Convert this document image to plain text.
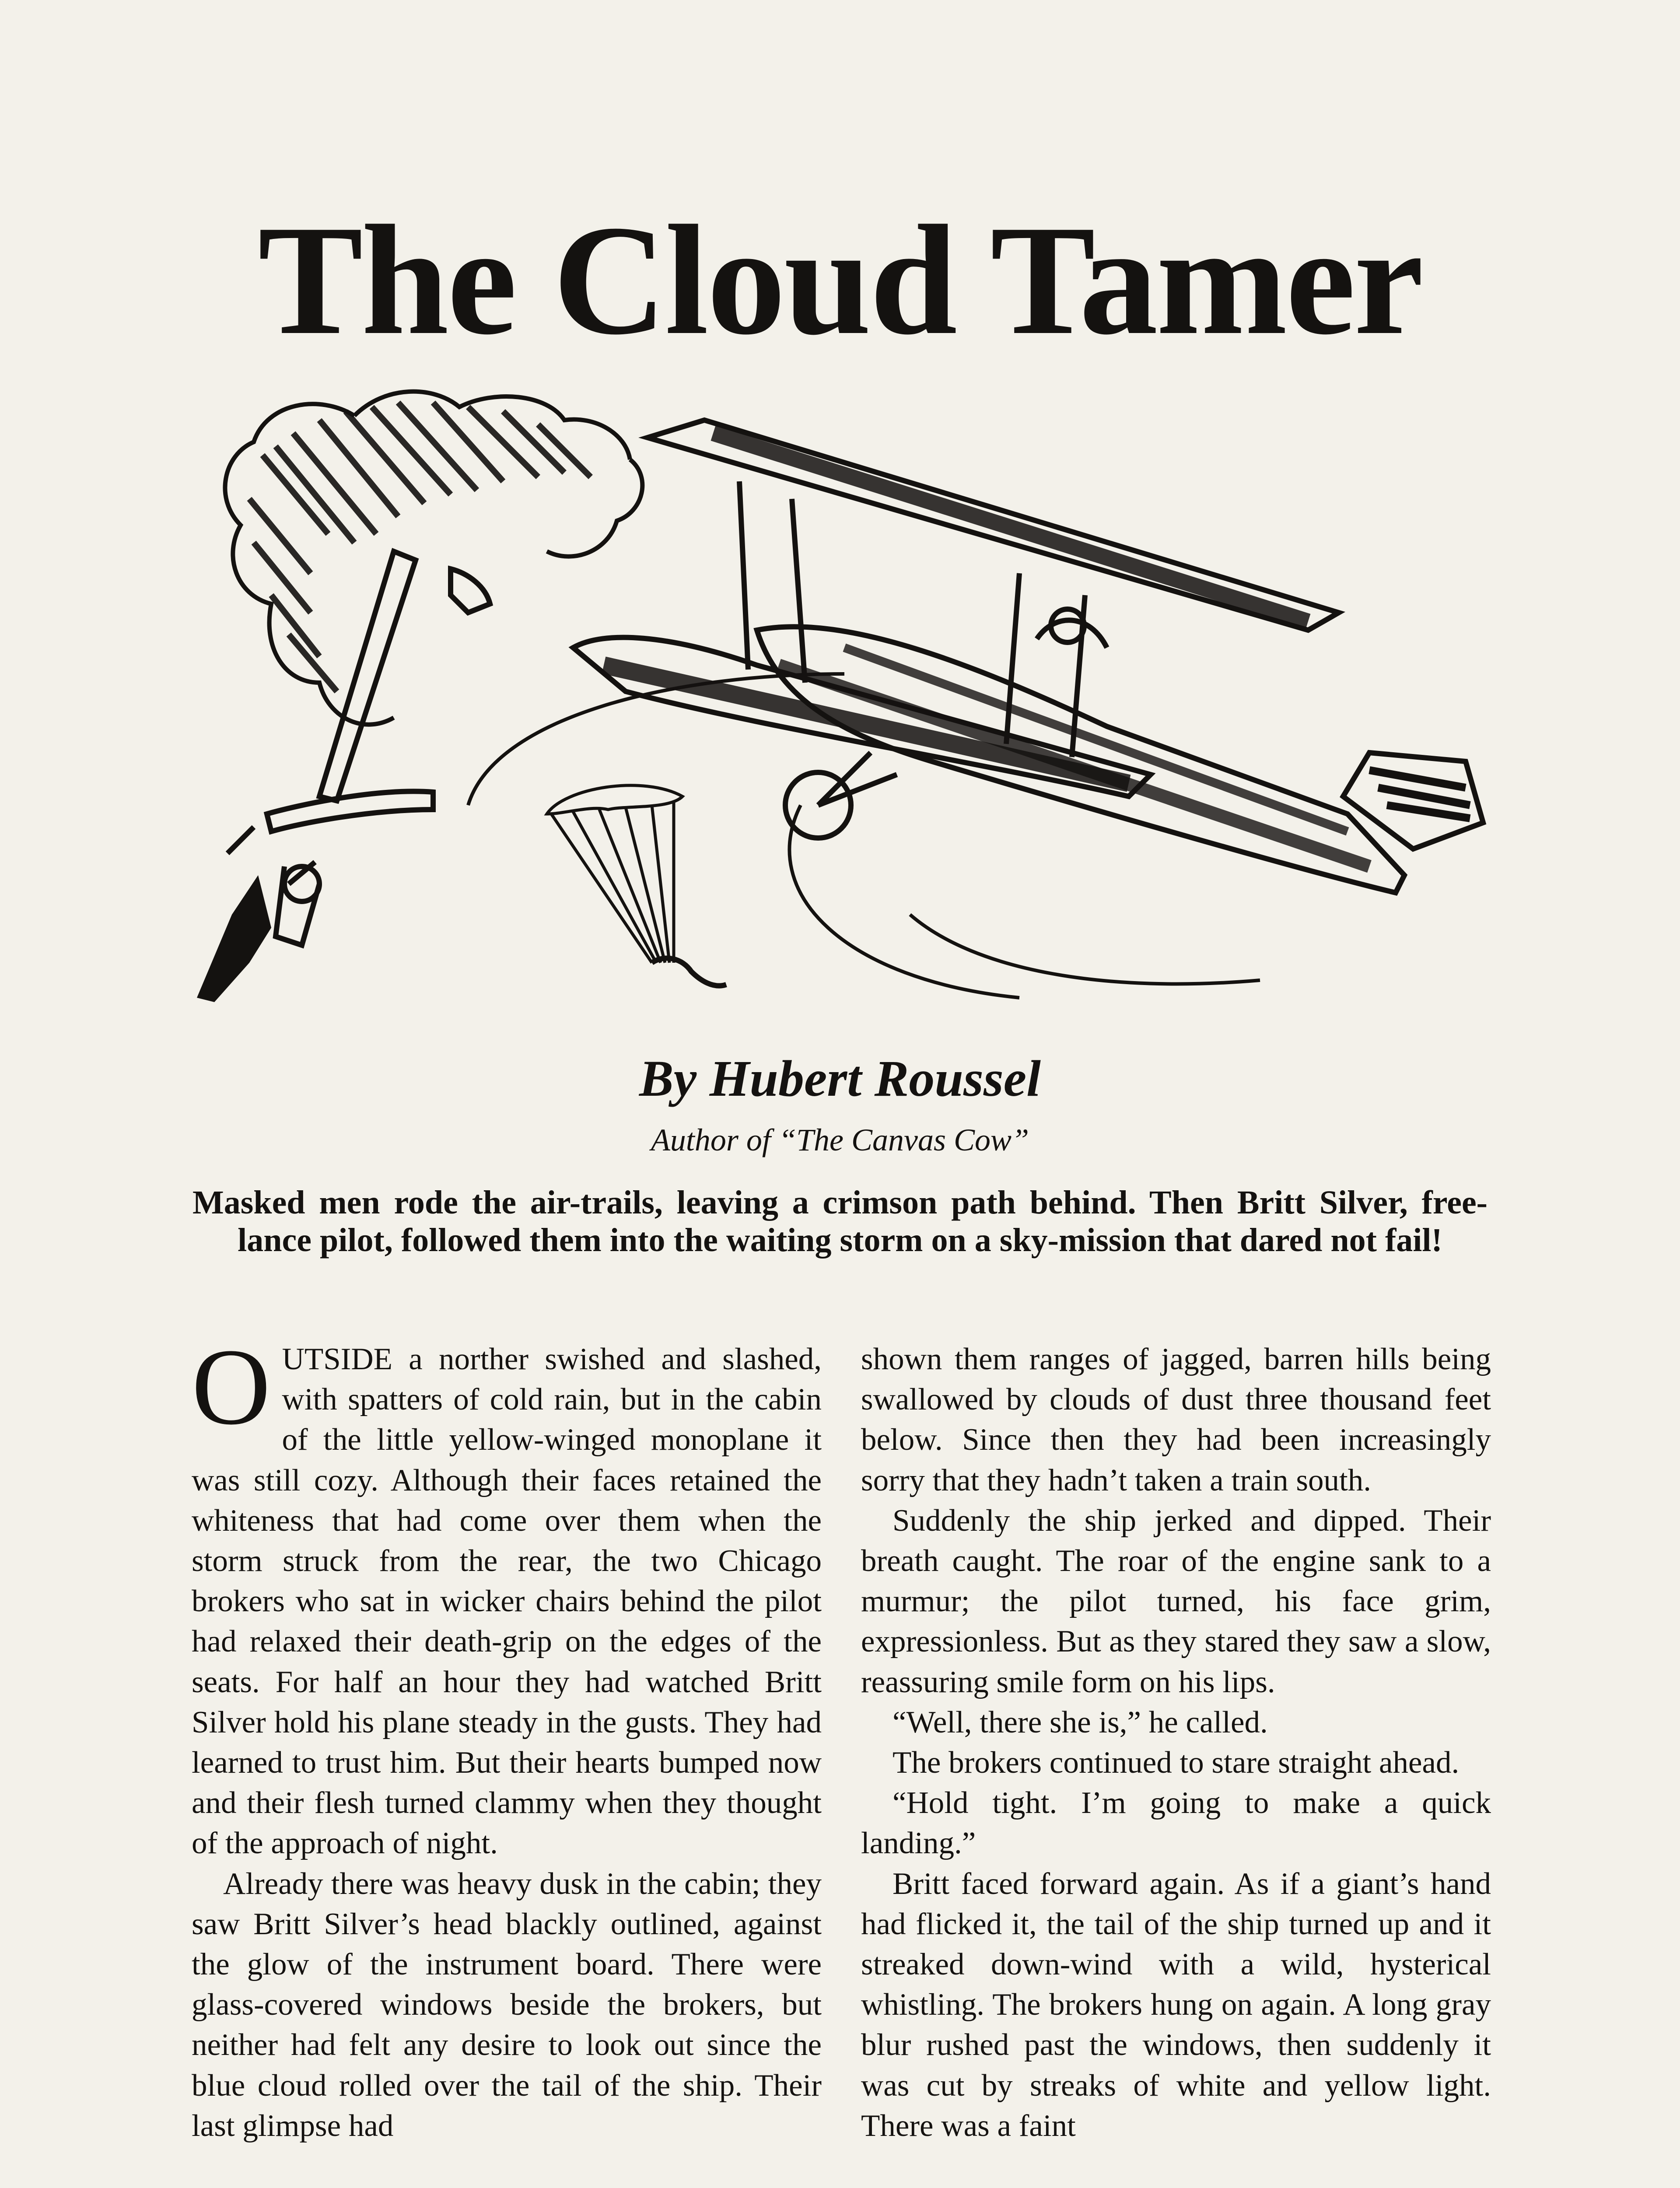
The Cloud Tamer
By Hubert Roussel
Author of “The Canvas Cow”
Masked men rode the air-trails, leaving a crimson path behind. Then Britt Silver, free-lance pilot, followed them into the waiting storm on a sky-mission that dared not fail!

OUTSIDE a norther swished and slashed, with spatters of cold rain, but in the cabin of the little yellow-winged monoplane it was still cozy. Although their faces retained the whiteness that had come over them when the storm struck from the rear, the two Chicago brokers who sat in wicker chairs behind the pilot had relaxed their death-grip on the edges of the seats. For half an hour they had watched Britt Silver hold his plane steady in the gusts. They had learned to trust him. But their hearts bumped now and their flesh turned clammy when they thought of the approach of night.

Already there was heavy dusk in the cabin; they saw Britt Silver’s head blackly outlined, against the glow of the instrument board. There were glass-covered windows beside the brokers, but neither had felt any desire to look out since the blue cloud rolled over the tail of the ship. Their last glimpse had

shown them ranges of jagged, barren hills being swallowed by clouds of dust three thousand feet below. Since then they had been increasingly sorry that they hadn’t taken a train south.

Suddenly the ship jerked and dipped. Their breath caught. The roar of the engine sank to a murmur; the pilot turned, his face grim, expressionless. But as they stared they saw a slow, reassuring smile form on his lips.

“Well, there she is,” he called.

The brokers continued to stare straight ahead.

“Hold tight. I’m going to make a quick landing.”

Britt faced forward again. As if a giant’s hand had flicked it, the tail of the ship turned up and it streaked down-wind with a wild, hysterical whistling. The brokers hung on again. A long gray blur rushed past the windows, then suddenly it was cut by streaks of white and yellow light. There was a faint
